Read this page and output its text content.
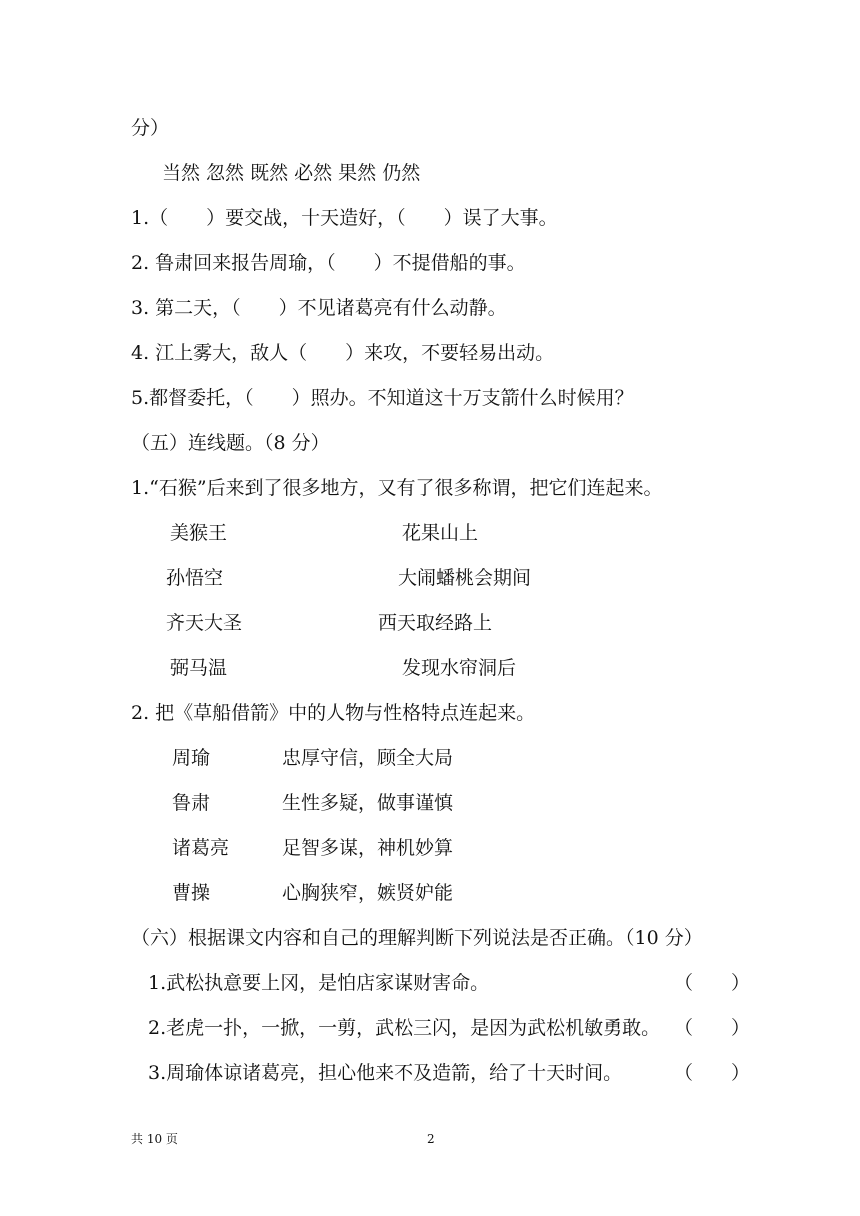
分）
当然 忽然 既然 必然 果然 仍然
1.（　　）要交战，十天造好，（　　）误了大事。
2. 鲁肃回来报告周瑜，（　　）不提借船的事。
3. 第二天，（　　）不见诸葛亮有什么动静。
4. 江上雾大，敌人（　　）来攻，不要轻易出动。
5.都督委托，（　　）照办。不知道这十万支箭什么时候用？
（五）连线题。（8 分）
1.“石猴”后来到了很多地方，又有了很多称谓，把它们连起来。
美猴王	花果山上
孙悟空	大闹蟠桃会期间
齐天大圣	西天取经路上
弼马温	发现水帘洞后
2. 把《草船借箭》中的人物与性格特点连起来。
周瑜	忠厚守信，顾全大局
鲁肃	生性多疑，做事谨慎
诸葛亮	足智多谋，神机妙算
曹操	心胸狭窄，嫉贤妒能
（六）根据课文内容和自己的理解判断下列说法是否正确。（10 分）
1.武松执意要上冈，是怕店家谋财害命。	（　　）
2.老虎一扑，一掀，一剪，武松三闪，是因为武松机敏勇敢。 （　　）
3.周瑜体谅诸葛亮，担心他来不及造箭，给了十天时间。	（　　）
共 10 页	2
